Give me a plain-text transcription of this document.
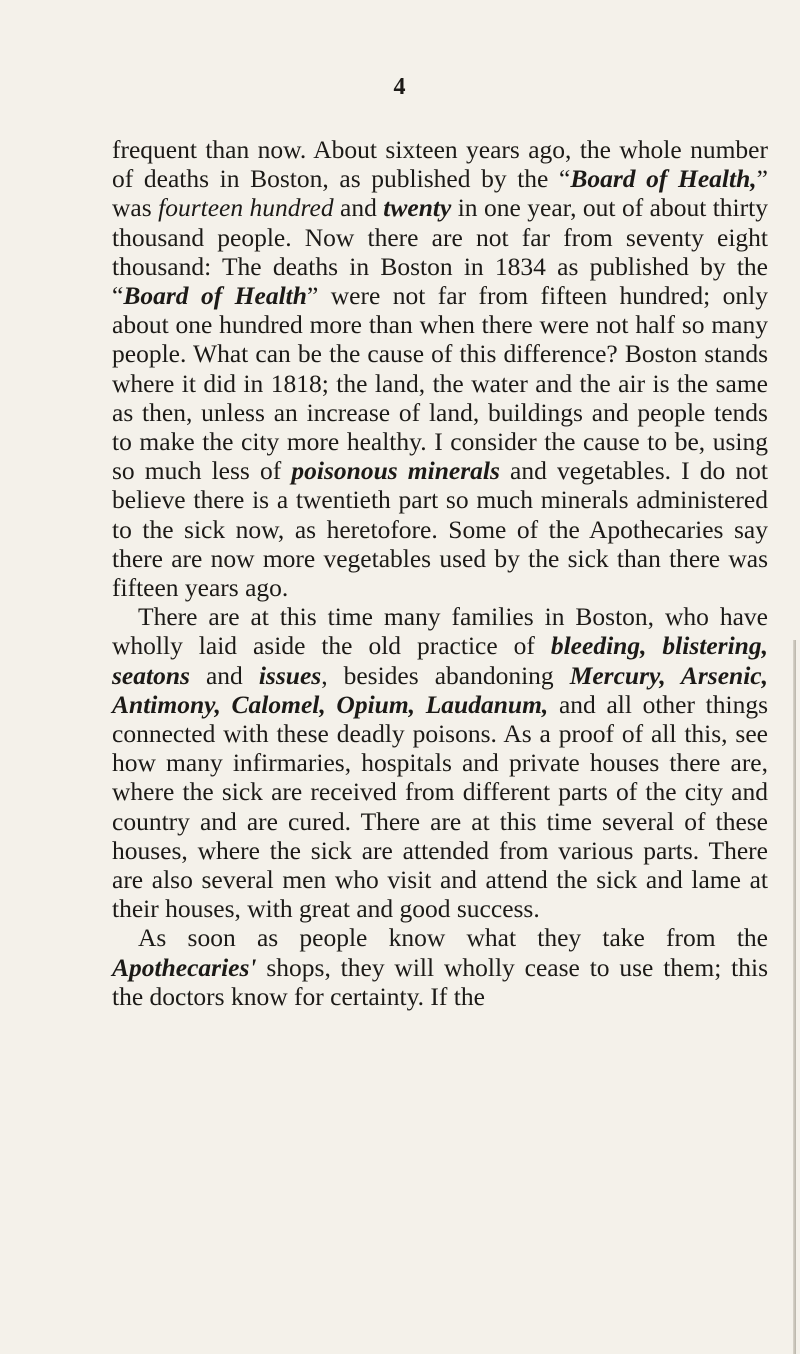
4

frequent than now. About sixteen years ago, the whole number of deaths in Boston, as published by the “Board of Health,” was fourteen hundred and twenty in one year, out of about thirty thousand people. Now there are not far from seventy eight thousand: The deaths in Boston in 1834 as published by the “Board of Health” were not far from fifteen hundred; only about one hundred more than when there were not half so many people. What can be the cause of this difference? Boston stands where it did in 1818; the land, the water and the air is the same as then, unless an increase of land, buildings and people tends to make the city more healthy. I consider the cause to be, using so much less of poisonous minerals and vegetables. I do not believe there is a twentieth part so much minerals administered to the sick now, as heretofore. Some of the Apothecaries say there are now more vegetables used by the sick than there was fifteen years ago.

There are at this time many families in Boston, who have wholly laid aside the old practice of bleeding, blistering, seatons and issues, besides abandoning Mercury, Arsenic, Antimony, Calomel, Opium, Laudanum, and all other things connected with these deadly poisons. As a proof of all this, see how many infirmaries, hospitals and private houses there are, where the sick are received from different parts of the city and country and are cured. There are at this time several of these houses, where the sick are attended from various parts. There are also several men who visit and attend the sick and lame at their houses, with great and good success.

As soon as people know what they take from the Apothecaries' shops, they will wholly cease to use them; this the doctors know for certainty. If the
